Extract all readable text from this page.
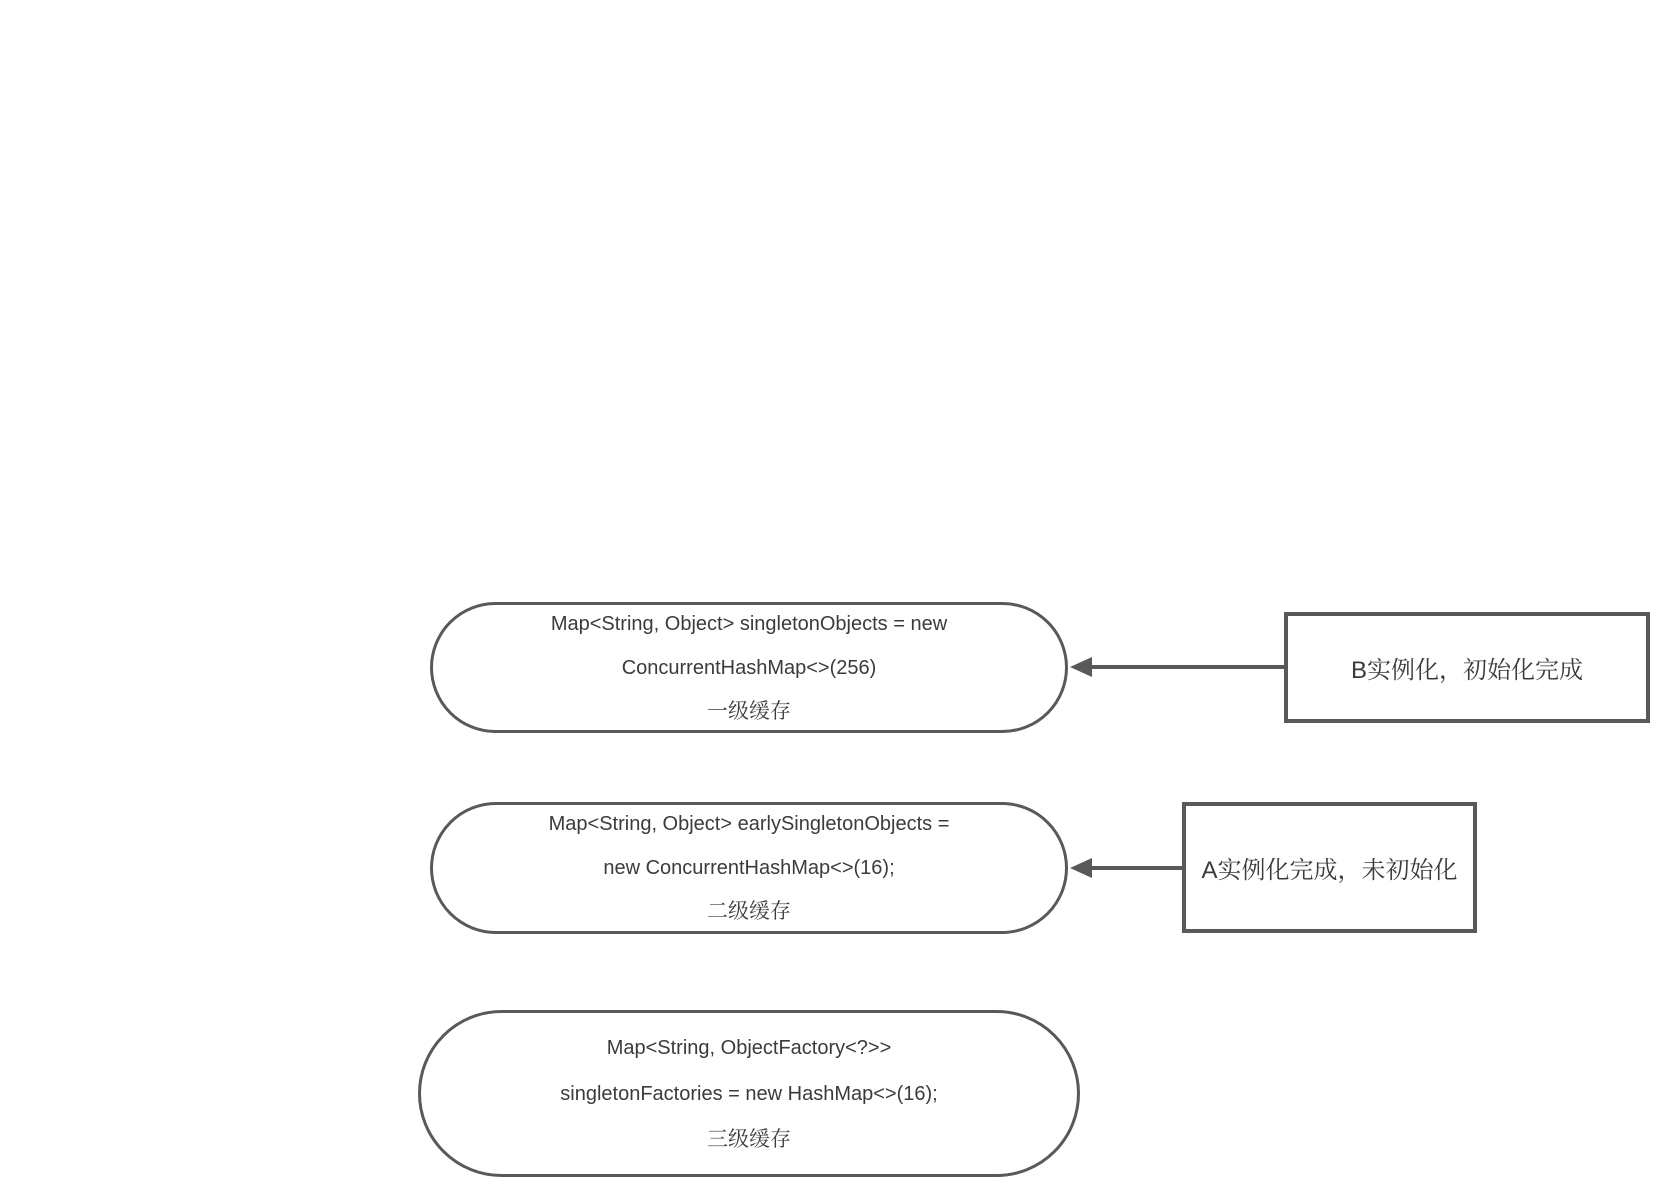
Map<String, Object> singletonObjects = new
ConcurrentHashMap<>(256)
一级缓存
Map<String, Object> earlySingletonObjects =
new ConcurrentHashMap<>(16);
二级缓存
Map<String, ObjectFactory<?>>
singletonFactories = new HashMap<>(16);
三级缓存
B实例化，初始化完成
A实例化完成，未初始化
